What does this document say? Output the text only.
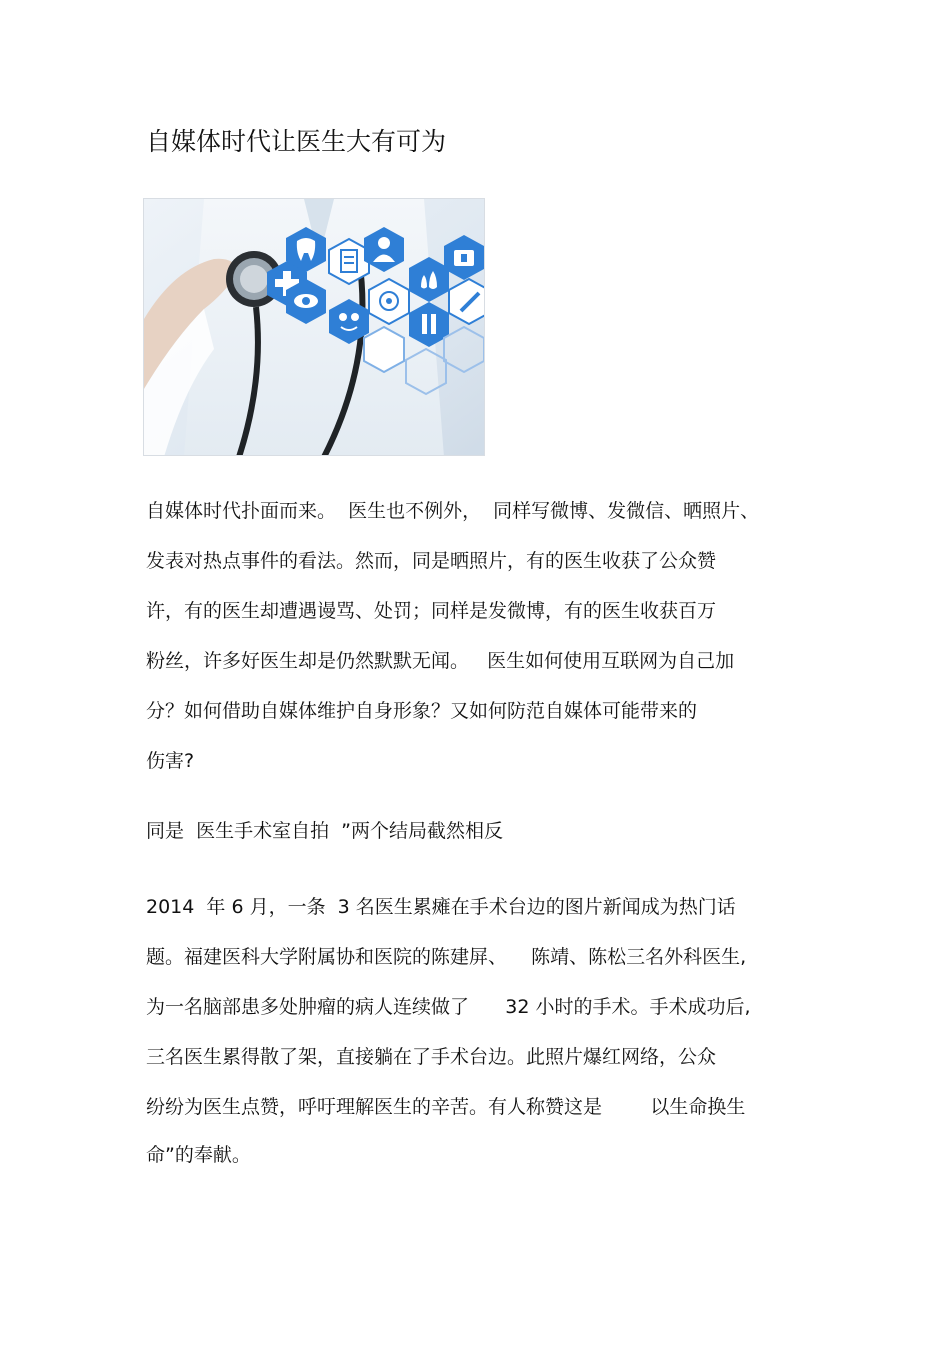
自媒体时代让医生大有可为
自媒体时代扑面而来。  医生也不例外，  同样写微博、发微信、晒照片、
发表对热点事件的看法。然而，同是晒照片，有的医生收获了公众赞
许，有的医生却遭遇谩骂、处罚；同样是发微博，有的医生收获百万
粉丝，许多好医生却是仍然默默无闻。   医生如何使用互联网为自己加
分？如何借助自媒体维护自身形象？又如何防范自媒体可能带来的
伤害?
同是  医生手术室自拍  ”两个结局截然相反
2014  年 6 月，一条  3 名医生累瘫在手术台边的图片新闻成为热门话
题。福建医科大学附属协和医院的陈建屏、    陈靖、陈松三名外科医生,
为一名脑部患多处肿瘤的病人连续做了      32 小时的手术。手术成功后,
三名医生累得散了架，直接躺在了手术台边。此照片爆红网络，公众
纷纷为医生点赞，呼吁理解医生的辛苦。有人称赞这是        以生命换生
命”的奉献。
